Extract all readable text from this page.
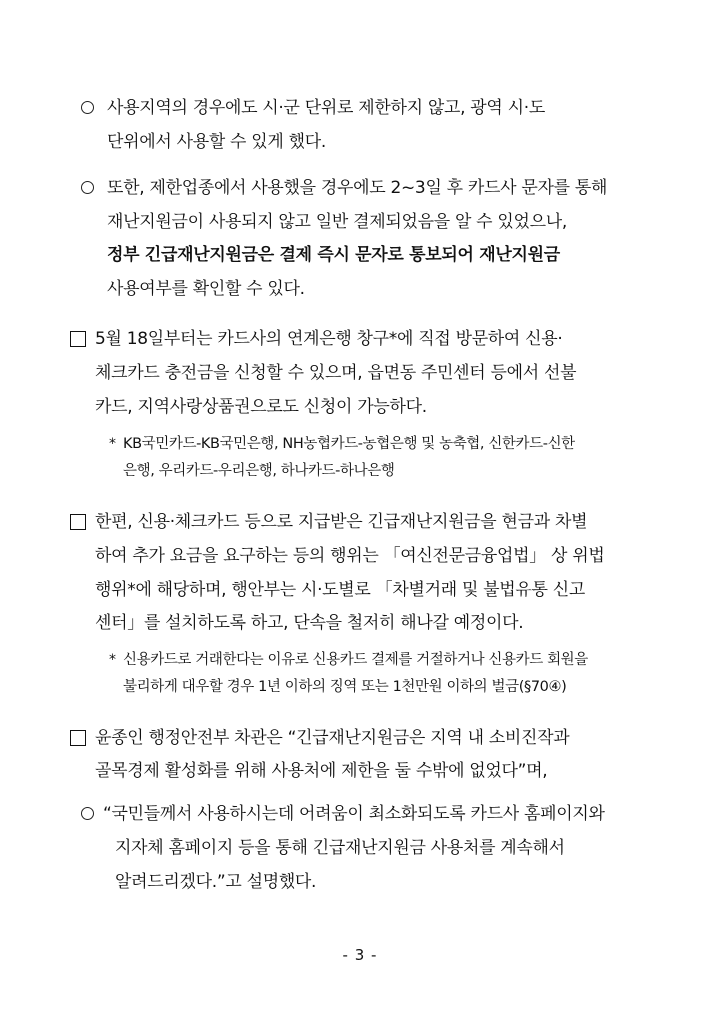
사용지역의 경우에도 시·군 단위로 제한하지 않고, 광역 시·도
단위에서 사용할 수 있게 했다.
또한, 제한업종에서 사용했을 경우에도 2~3일 후 카드사 문자를 통해
재난지원금이 사용되지 않고 일반 결제되었음을 알 수 있었으나,
정부 긴급재난지원금은 결제 즉시 문자로 통보되어 재난지원금
사용여부를 확인할 수 있다.
5월 18일부터는 카드사의 연계은행 창구*에 직접 방문하여 신용·
체크카드 충전금을 신청할 수 있으며, 읍면동 주민센터 등에서 선불
카드, 지역사랑상품권으로도 신청이 가능하다.
* KB국민카드-KB국민은행, NH농협카드-농협은행 및 농축협, 신한카드-신한
은행, 우리카드-우리은행, 하나카드-하나은행
한편, 신용·체크카드 등으로 지급받은 긴급재난지원금을 현금과 차별
하여 추가 요금을 요구하는 등의 행위는 「여신전문금융업법」 상 위법
행위*에 해당하며, 행안부는 시·도별로 「차별거래 및 불법유통 신고
센터」를 설치하도록 하고, 단속을 철저히 해나갈 예정이다.
* 신용카드로 거래한다는 이유로 신용카드 결제를 거절하거나 신용카드 회원을
불리하게 대우할 경우 1년 이하의 징역 또는 1천만원 이하의 벌금(§70④)
윤종인 행정안전부 차관은 “긴급재난지원금은 지역 내 소비진작과
골목경제 활성화를 위해 사용처에 제한을 둘 수밖에 없었다”며,
“국민들께서 사용하시는데 어려움이 최소화되도록 카드사 홈페이지와
지자체 홈페이지 등을 통해 긴급재난지원금 사용처를 계속해서
알려드리겠다.”고 설명했다.
- 3 -
